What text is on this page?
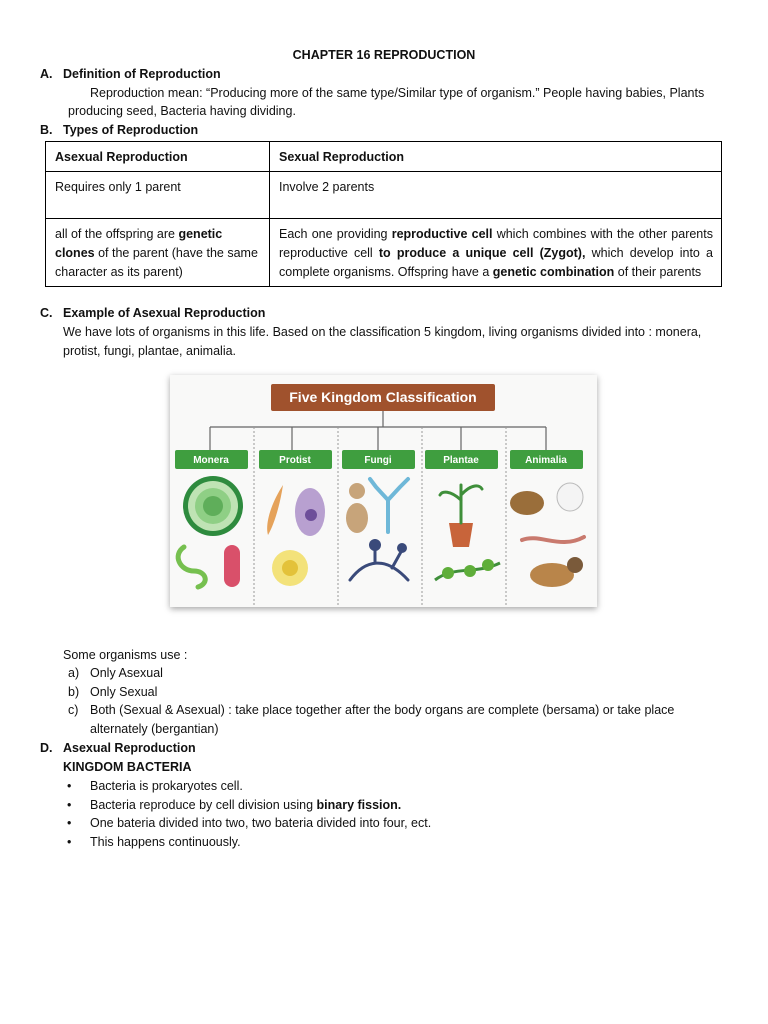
CHAPTER 16 REPRODUCTION
A. Definition of Reproduction
Reproduction mean: “Producing more of the same type/Similar type of organism.” People having babies, Plants
producing seed, Bacteria having dividing.
B. Types of Reproduction
Asexual Reproduction	Sexual Reproduction
Requires only 1 parent	Involve 2 parents
all of the offspring are genetic clones of the parent (have the same character as its parent)	Each one providing reproductive cell which combines with the other parents reproductive cell to produce a unique cell (Zygot), which develop into a complete organisms. Offspring have a genetic combination of their parents
C. Example of Asexual Reproduction
We have lots of organisms in this life. Based on the classification 5 kingdom, living organisms divided into : monera,
protist, fungi, plantae, animalia.
Five Kingdom Classification
Monera	Protist	Fungi	Plantae	Animalia
Some organisms use :
a) Only Asexual
b) Only Sexual
c) Both (Sexual & Asexual) : take place together after the body organs are complete (bersama) or take place
alternately (bergantian)
D. Asexual Reproduction
KINGDOM BACTERIA
• Bacteria is prokaryotes cell.
• Bacteria reproduce by cell division using binary fission.
• One bateria divided into two, two bateria divided into four, ect.
• This happens continuously.
